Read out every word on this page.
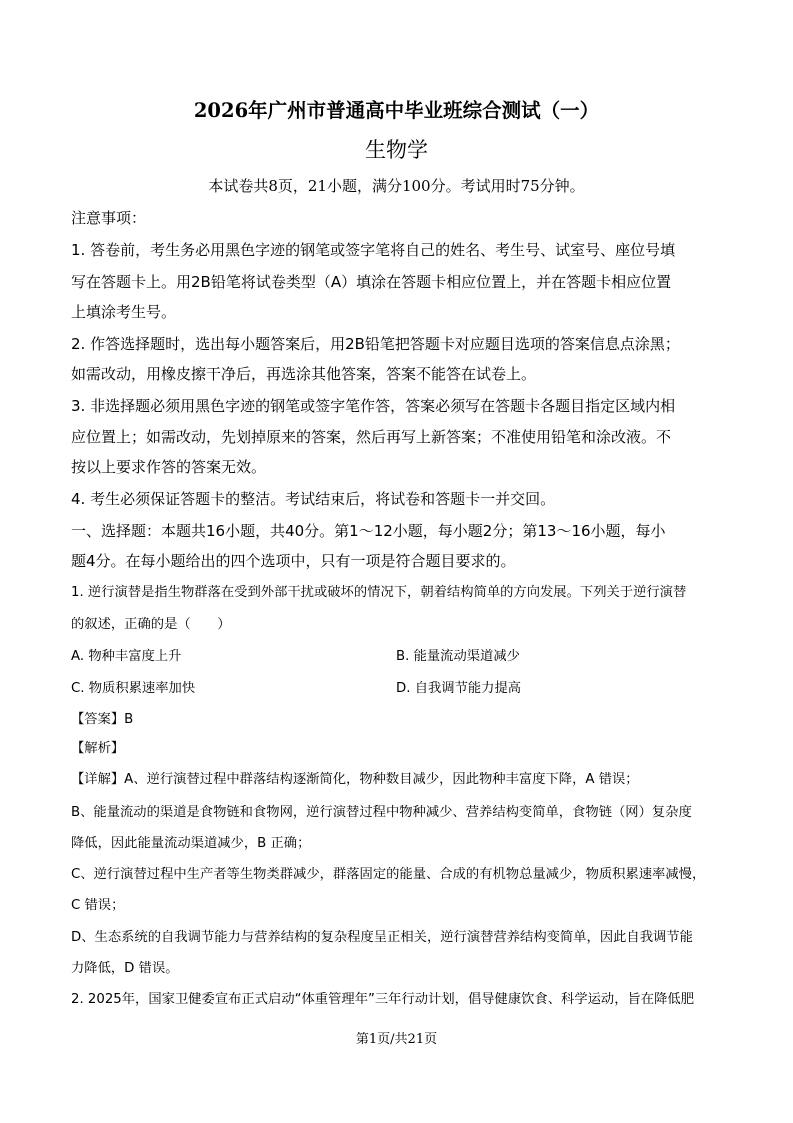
2026年广州市普通高中毕业班综合测试（一）
生物学
本试卷共8页，21小题，满分100分。考试用时75分钟。
注意事项：
1. 答卷前，考生务必用黑色字迹的钢笔或签字笔将自己的姓名、考生号、试室号、座位号填
写在答题卡上。用2B铅笔将试卷类型（A）填涂在答题卡相应位置上，并在答题卡相应位置
上填涂考生号。
2. 作答选择题时，选出每小题答案后，用2B铅笔把答题卡对应题目选项的答案信息点涂黑；
如需改动，用橡皮擦干净后，再选涂其他答案，答案不能答在试卷上。
3. 非选择题必须用黑色字迹的钢笔或签字笔作答，答案必须写在答题卡各题目指定区域内相
应位置上；如需改动，先划掉原来的答案，然后再写上新答案；不准使用铅笔和涂改液。不
按以上要求作答的答案无效。
4. 考生必须保证答题卡的整洁。考试结束后，将试卷和答题卡一并交回。
一、选择题：本题共16小题，共40分。第1～12小题，每小题2分；第13～16小题，每小
题4分。在每小题给出的四个选项中，只有一项是符合题目要求的。
1. 逆行演替是指生物群落在受到外部干扰或破坏的情况下，朝着结构简单的方向发展。下列关于逆行演替
的叙述，正确的是（　　）
A. 物种丰富度上升	B. 能量流动渠道减少
C. 物质积累速率加快	D. 自我调节能力提高
【答案】B
【解析】
【详解】A、逆行演替过程中群落结构逐渐简化，物种数目减少，因此物种丰富度下降，A 错误；
B、能量流动的渠道是食物链和食物网，逆行演替过程中物种减少、营养结构变简单，食物链（网）复杂度
降低，因此能量流动渠道减少，B 正确；
C、逆行演替过程中生产者等生物类群减少，群落固定的能量、合成的有机物总量减少，物质积累速率减慢，
C 错误；
D、生态系统的自我调节能力与营养结构的复杂程度呈正相关，逆行演替营养结构变简单，因此自我调节能
力降低，D 错误。
2. 2025年，国家卫健委宣布正式启动“体重管理年”三年行动计划，倡导健康饮食、科学运动，旨在降低肥
第1页/共21页
